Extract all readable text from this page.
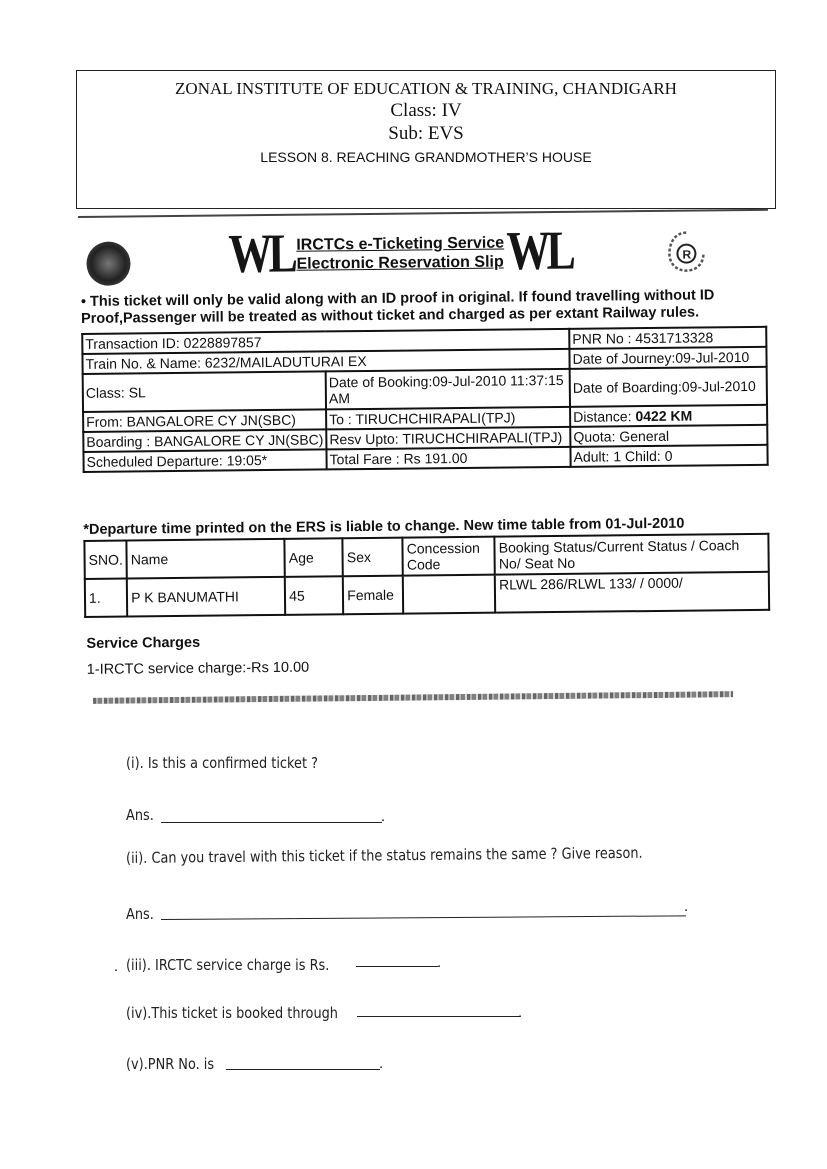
ZONAL INSTITUTE OF EDUCATION & TRAINING, CHANDIGARH
Class: IV
Sub: EVS
LESSON 8. REACHING GRANDMOTHER’S HOUSE
WL IRCTCs e-Ticketing Service
Electronic Reservation Slip WL	R
• This ticket will only be valid along with an ID proof in original. If found travelling without ID Proof,Passenger will be treated as without ticket and charged as per extant Railway rules.
Transaction ID: 0228897857		PNR No : 4531713328
Train No. & Name: 6232/MAILADUTURAI EX		Date of Journey:09-Jul-2010
Class: SL	Date of Booking:09-Jul-2010 11:37:15 AM	Date of Boarding:09-Jul-2010
From: BANGALORE CY JN(SBC)	To : TIRUCHCHIRAPALI(TPJ)	Distance: 0422 KM
Boarding : BANGALORE CY JN(SBC)	Resv Upto: TIRUCHCHIRAPALI(TPJ)	Quota: General
Scheduled Departure: 19:05*	Total Fare : Rs 191.00	Adult: 1 Child: 0
*Departure time printed on the ERS is liable to change. New time table from 01-Jul-2010
SNO.	Name	Age	Sex	Concession Code	Booking Status/Current Status / Coach No/ Seat No
1.	P K BANUMATHI	45	Female		RLWL 286/RLWL 133/ / 0000/
Service Charges
1-IRCTC service charge:-Rs 10.00
(i). Is this a confirmed ticket ?
Ans.	.
(ii). Can you travel with this ticket if the status remains the same ? Give reason.
Ans.	.
. (iii). IRCTC service charge is Rs.	.
(iv).This ticket is booked through	.
(v).PNR No. is	.
